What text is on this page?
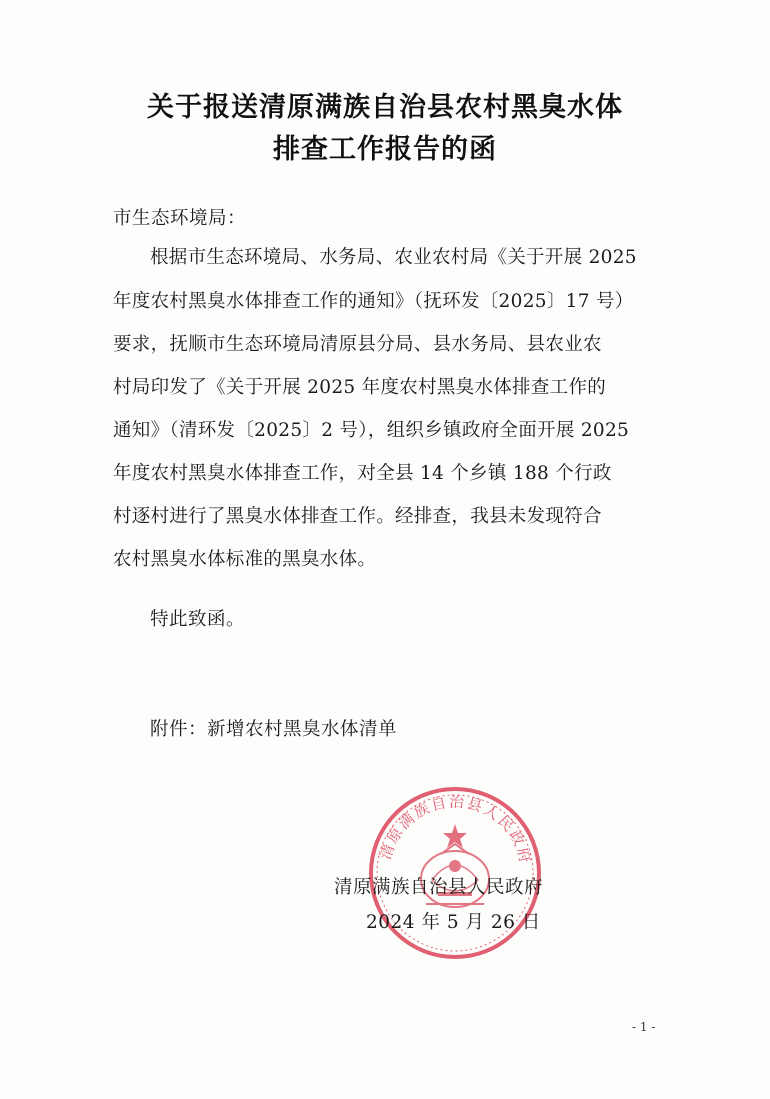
关于报送清原满族自治县农村黑臭水体
排查工作报告的函
市生态环境局：
根据市生态环境局、水务局、农业农村局《关于开展 2025
年度农村黑臭水体排查工作的通知》（抚环发〔2025〕17 号）
要求，抚顺市生态环境局清原县分局、县水务局、县农业农
村局印发了《关于开展 2025 年度农村黑臭水体排查工作的
通知》（清环发〔2025〕2 号），组织乡镇政府全面开展 2025
年度农村黑臭水体排查工作，对全县 14 个乡镇 188 个行政
村逐村进行了黑臭水体排查工作。经排查，我县未发现符合
农村黑臭水体标准的黑臭水体。
特此致函。
附件：新增农村黑臭水体清单
清原满族自治县人民政府
清原满族自治县人民政府
2024 年 5 月 26 日
- 1 -
